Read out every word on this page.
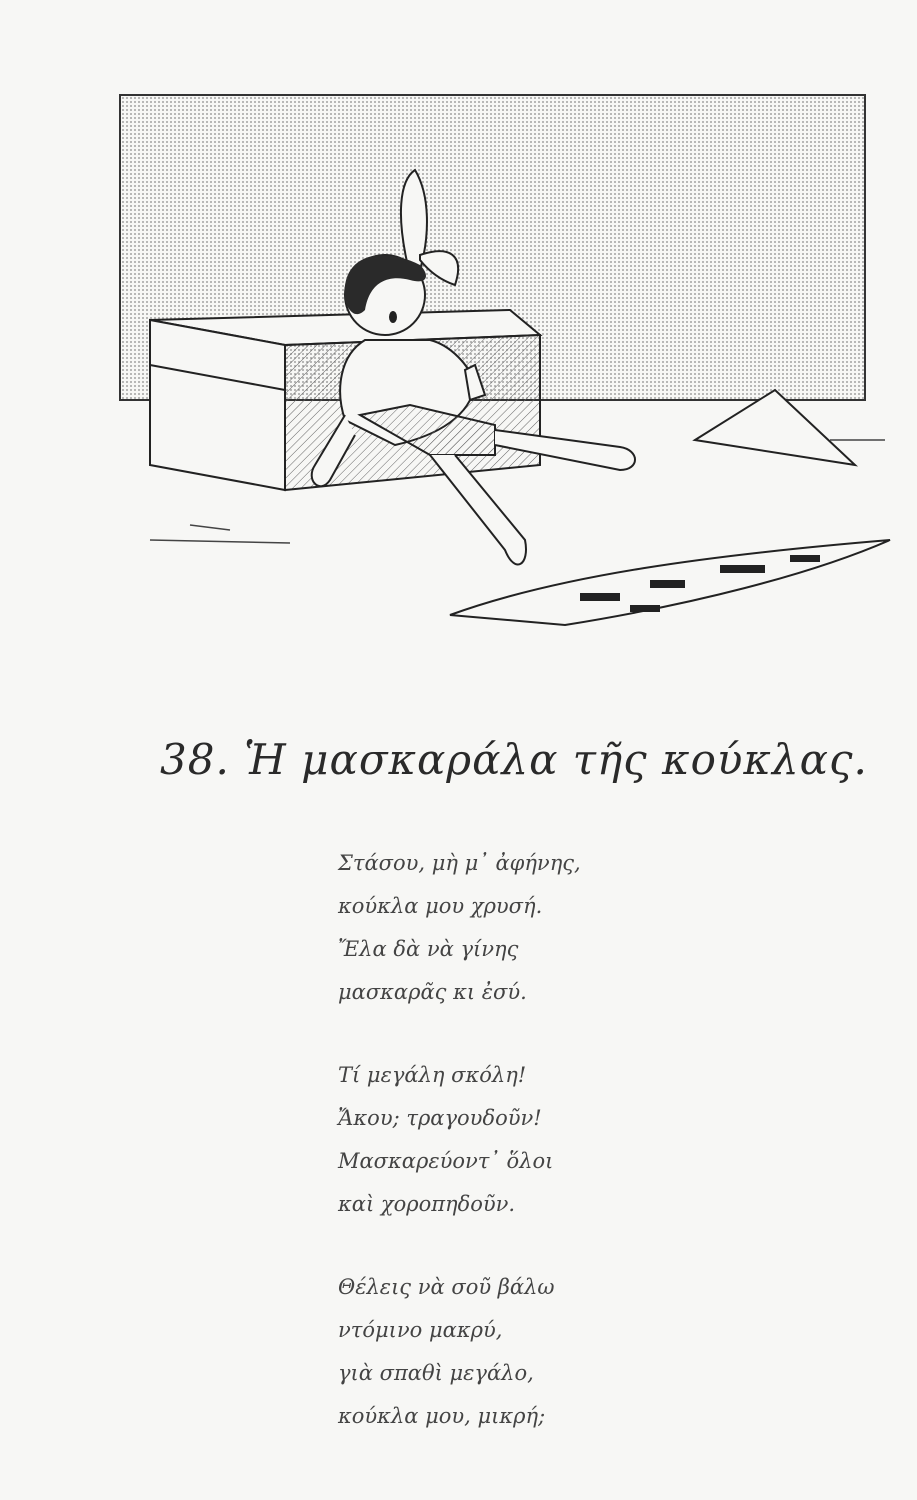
38. Ἡ μασκαράλα τῆς κούκλας.
Στάσου, μὴ μ᾽ ἀφήνης,
κούκλα μου χρυσή.
Ἔλα δὰ νὰ γίνης
μασκαρᾶς κι ἐσύ.
Τί μεγάλη σκόλη!
Ἄκου; τραγουδοῦν!
Μασκαρεύοντ᾽ ὅλοι
καὶ χοροπηδοῦν.
Θέλεις νὰ σοῦ βάλω
ντόμινο μακρύ,
γιὰ σπαθὶ μεγάλο,
κούκλα μου, μικρή;
